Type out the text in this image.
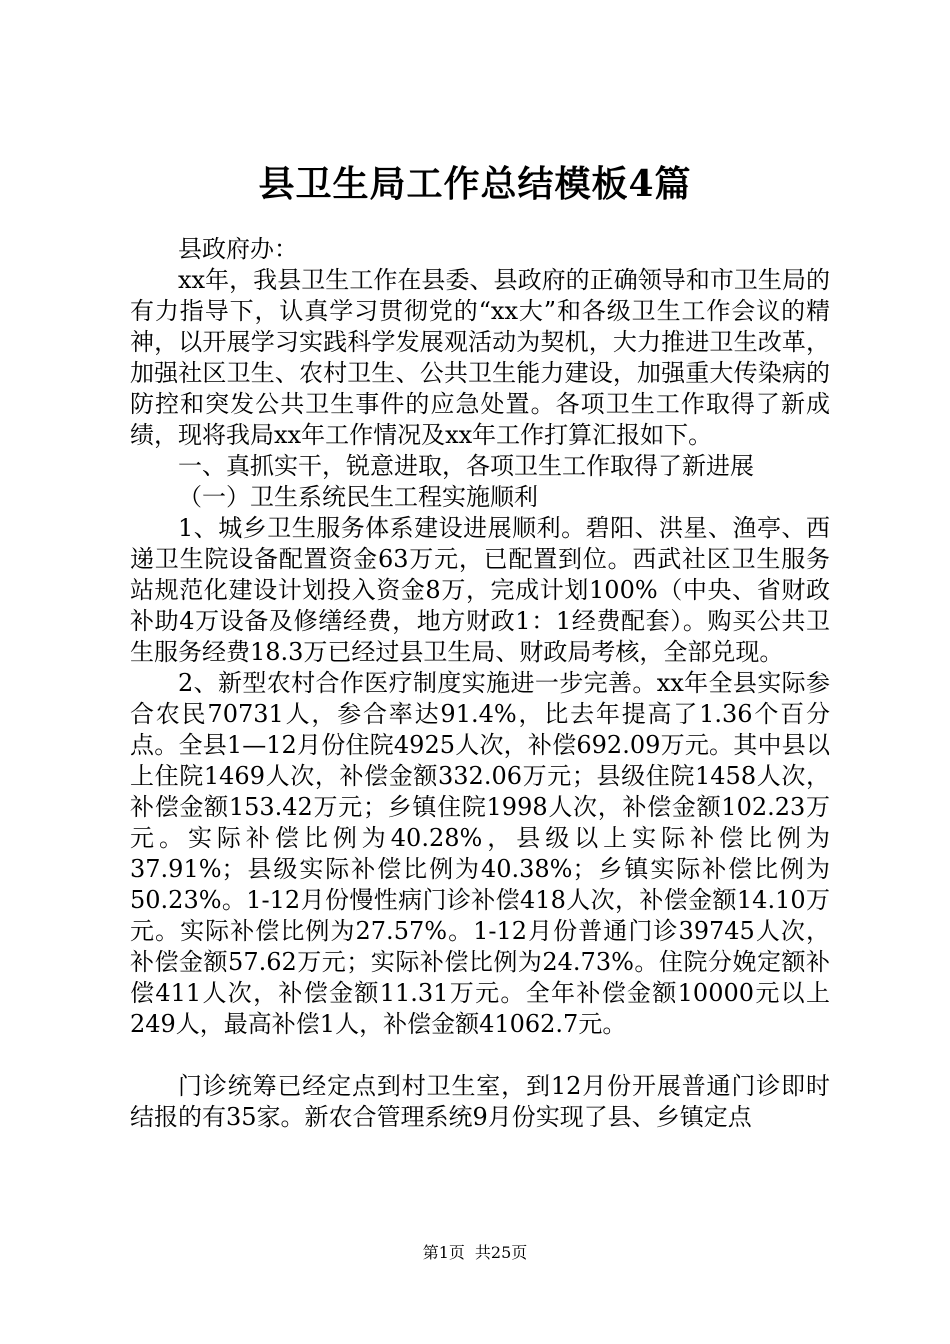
县卫生局工作总结模板4篇

县政府办：

xx年，我县卫生工作在县委、县政府的正确领导和市卫生局的有力指导下，认真学习贯彻党的“xx大”和各级卫生工作会议的精神，以开展学习实践科学发展观活动为契机，大力推进卫生改革，加强社区卫生、农村卫生、公共卫生能力建设，加强重大传染病的防控和突发公共卫生事件的应急处置。各项卫生工作取得了新成绩，现将我局xx年工作情况及xx年工作打算汇报如下。

一、真抓实干，锐意进取，各项卫生工作取得了新进展

（一）卫生系统民生工程实施顺利

1、城乡卫生服务体系建设进展顺利。碧阳、洪星、渔亭、西递卫生院设备配置资金63万元，已配置到位。西武社区卫生服务站规范化建设计划投入资金8万，完成计划100%（中央、省财政补助4万设备及修缮经费，地方财政1：1经费配套）。购买公共卫生服务经费18.3万已经过县卫生局、财政局考核，全部兑现。

2、新型农村合作医疗制度实施进一步完善。xx年全县实际参合农民70731人，参合率达91.4%，比去年提高了1.36个百分点。全县1—12月份住院4925人次，补偿692.09万元。其中县以上住院1469人次，补偿金额332.06万元；县级住院1458人次，补偿金额153.42万元；乡镇住院1998人次，补偿金额102.23万元。实际补偿比例为40.28%，县级以上实际补偿比例为37.91%；县级实际补偿比例为40.38%；乡镇实际补偿比例为50.23%。1-12月份慢性病门诊补偿418人次，补偿金额14.10万元。实际补偿比例为27.57%。1-12月份普通门诊39745人次，补偿金额57.62万元；实际补偿比例为24.73%。住院分娩定额补偿411人次，补偿金额11.31万元。全年补偿金额10000元以上249人，最高补偿1人，补偿金额41062.7元。

门诊统筹已经定点到村卫生室，到12月份开展普通门诊即时结报的有35家。新农合管理系统9月份实现了县、乡镇定点

第1页 共25页
